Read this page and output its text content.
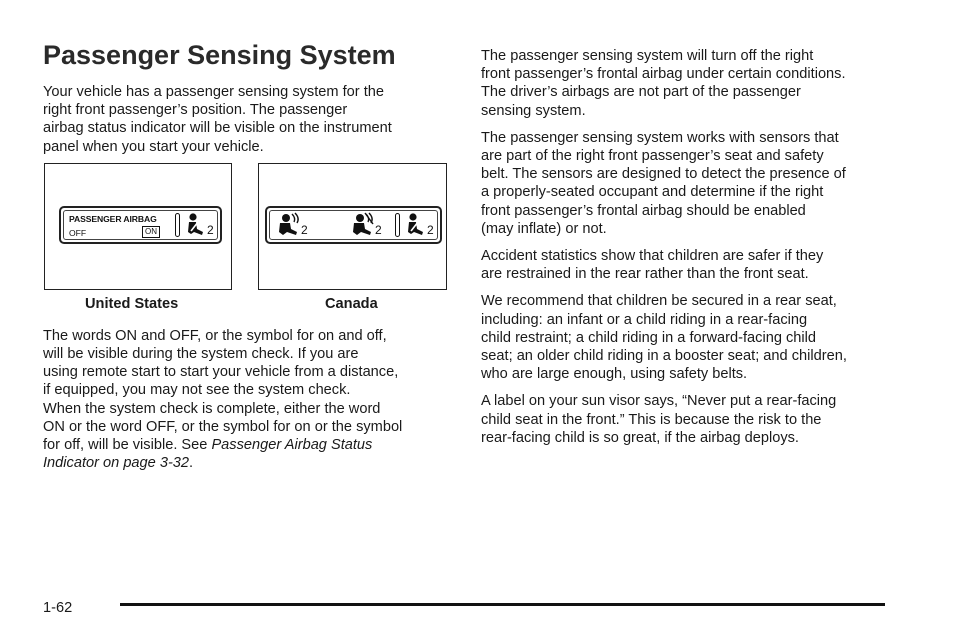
Passenger Sensing System

Your vehicle has a passenger sensing system for the
right front passenger’s position. The passenger
airbag status indicator will be visible on the instrument
panel when you start your vehicle.

The words ON and OFF, or the symbol for on and off,
will be visible during the system check. If you are
using remote start to start your vehicle from a distance,
if equipped, you may not see the system check.
When the system check is complete, either the word
ON or the word OFF, or the symbol for on or the symbol
for off, will be visible. See Passenger Airbag Status
Indicator on page 3-32.

PASSENGER AIRBAG
OFF	ON	2
United States
2	2	2
Canada

The passenger sensing system will turn off the right
front passenger’s frontal airbag under certain conditions.
The driver’s airbags are not part of the passenger
sensing system.

The passenger sensing system works with sensors that
are part of the right front passenger’s seat and safety
belt. The sensors are designed to detect the presence of
a properly-seated occupant and determine if the right
front passenger’s frontal airbag should be enabled
(may inflate) or not.

Accident statistics show that children are safer if they
are restrained in the rear rather than the front seat.

We recommend that children be secured in a rear seat,
including: an infant or a child riding in a rear-facing
child restraint; a child riding in a forward-facing child
seat; an older child riding in a booster seat; and children,
who are large enough, using safety belts.

A label on your sun visor says, “Never put a rear-facing
child seat in the front.” This is because the risk to the
rear-facing child is so great, if the airbag deploys.

1-62
